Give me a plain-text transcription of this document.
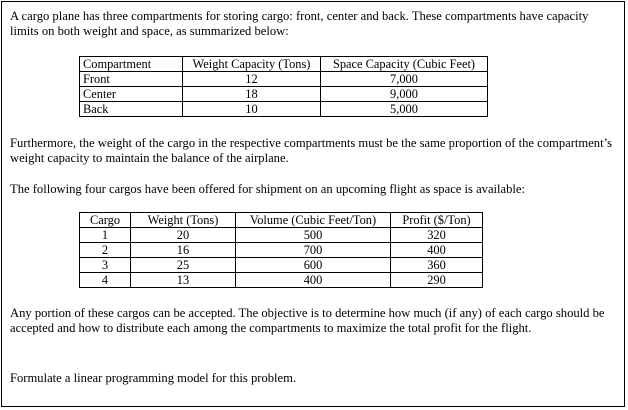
A cargo plane has three compartments for storing cargo: front, center and back. These compartments have capacity limits on both weight and space, as summarized below:

Compartment	Weight Capacity (Tons)	Space Capacity (Cubic Feet)
Front	12	7,000
Center	18	9,000
Back	10	5,000

Furthermore, the weight of the cargo in the respective compartments must be the same proportion of the compartment’s weight capacity to maintain the balance of the airplane.

The following four cargos have been offered for shipment on an upcoming flight as space is available:

Cargo	Weight (Tons)	Volume (Cubic Feet/Ton)	Profit ($/Ton)
1	20	500	320
2	16	700	400
3	25	600	360
4	13	400	290

Any portion of these cargos can be accepted. The objective is to determine how much (if any) of each cargo should be accepted and how to distribute each among the compartments to maximize the total profit for the flight.

Formulate a linear programming model for this problem.
